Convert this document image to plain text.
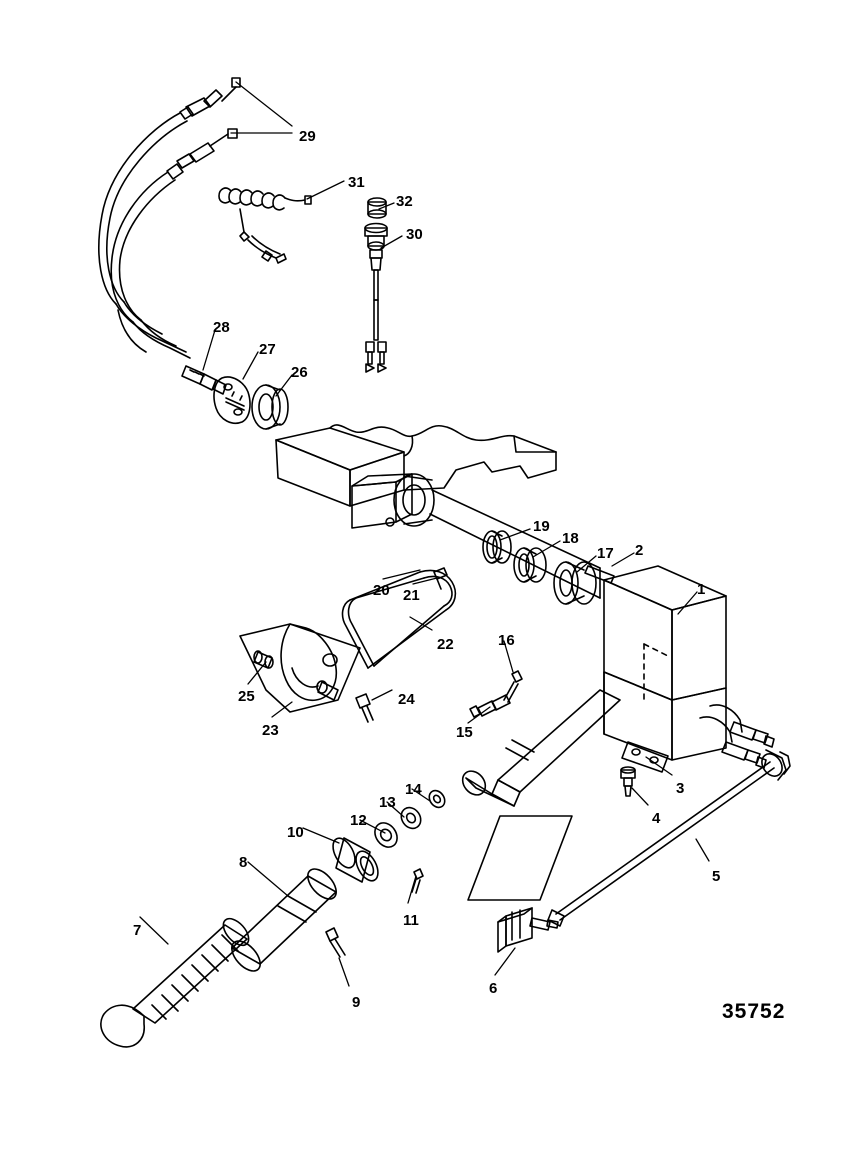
1
2
3
4
5
6
7
8
9
10
11
12
13
14
15
16
17
18
19
20 21
22
23
24
25
26
27
28
29
30
31
32
35752
